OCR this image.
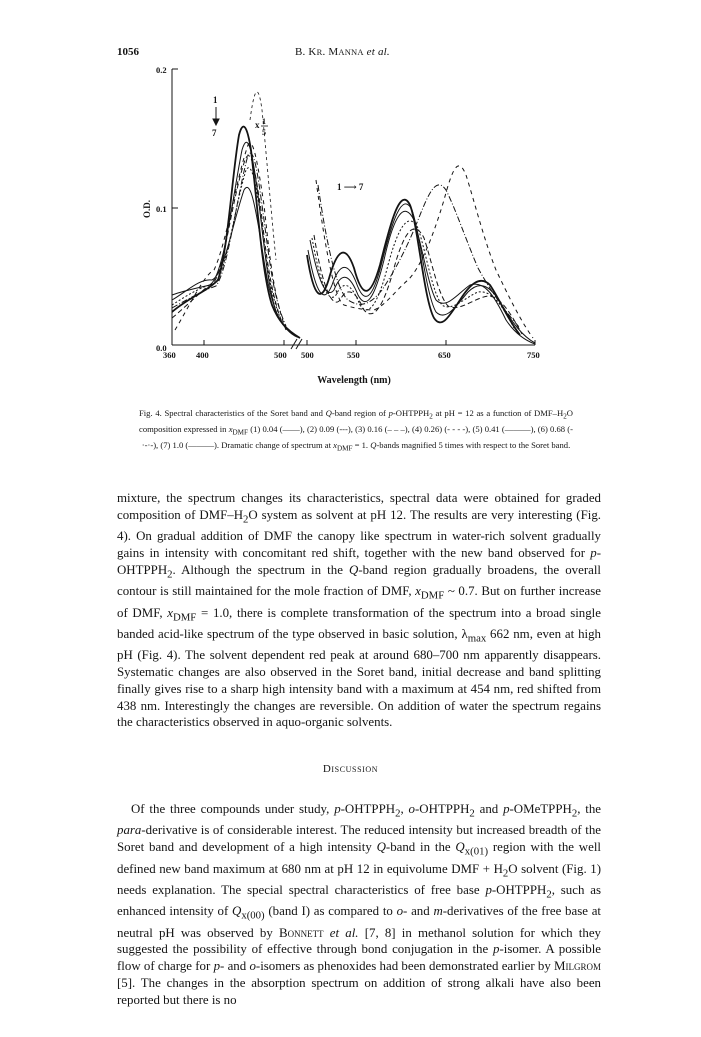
1056	B. KR. MANNA et al.
0.2
0.1
0.0
O.D.
360 400	500 500	550	650	750
Wavelength (nm)
1
7
x 1
5
1 ⟶ 7
Fig. 4. Spectral characteristics of the Soret band and Q-band region of $p-OHTPPH_2$ at pH = 12 as a function of DMF–$H_2O$ composition expressed in $x_{DMF}$ (1) 0.04 (——), (2) 0.09 (---), (3) 0.16 (– – –), (4) 0.26) (- - - -), (5) 0.41 (———), (6) 0.68 (-·-·-), (7) 1.0 (———). Dramatic change of spectrum at $x_{DMF} = 1$. Q-bands magnified 5 times with respect to the Soret band.

mixture, the spectrum changes its characteristics, spectral data were obtained for graded composition of DMF–$H_2O$ system as solvent at pH 12. The results are very interesting (Fig. 4). On gradual addition of DMF the canopy like spectrum in water-rich solvent gradually gains in intensity with concomitant red shift, together with the new band observed for $p-OHTPPH_2$. Although the spectrum in the Q-band region gradually broadens, the overall contour is still maintained for the mole fraction of DMF, $x_{DMF}$ ~ 0.7. But on further increase of DMF, $x_{DMF} = 1.0$, there is complete transformation of the spectrum into a broad single banded acid-like spectrum of the type observed in basic solution, $\lambda_{max}$ 662 nm, even at high pH (Fig. 4). The solvent dependent red peak at around 680–700 nm apparently disappears. Systematic changes are also observed in the Soret band, initial decrease and band splitting finally gives rise to a sharp high intensity band with a maximum at 454 nm, red shifted from 438 nm. Interestingly the changes are reversible. On addition of water the spectrum regains the characteristics observed in aquo-organic solvents.

Discussion

Of the three compounds under study, $p-OHTPPH_2$, $o-OHTPPH_2$ and p-OMeTPPH$_2$, the para-derivative is of considerable interest. The reduced intensity but increased breadth of the Soret band and development of a high intensity Q-band in the $Q_{x(01)}$ region with the well defined new band maximum at 680 nm at pH 12 in equivolume DMF + $H_2O$ solvent (Fig. 1) needs explanation. The special spectral characteristics of free base $p-OHTPPH_2$, such as enhanced intensity of $Q_{x(00)}$ (band I) as compared to o- and m-derivatives of the free base at neutral pH was observed by Bonnett et al. [7, 8] in methanol solution for which they suggested the possibility of effective through bond conjugation in the p-isomer. A possible flow of charge for p- and o-isomers as phenoxides had been demonstrated earlier by Milgrom [5]. The changes in the absorption spectrum on addition of strong alkali have also been reported but there is no
